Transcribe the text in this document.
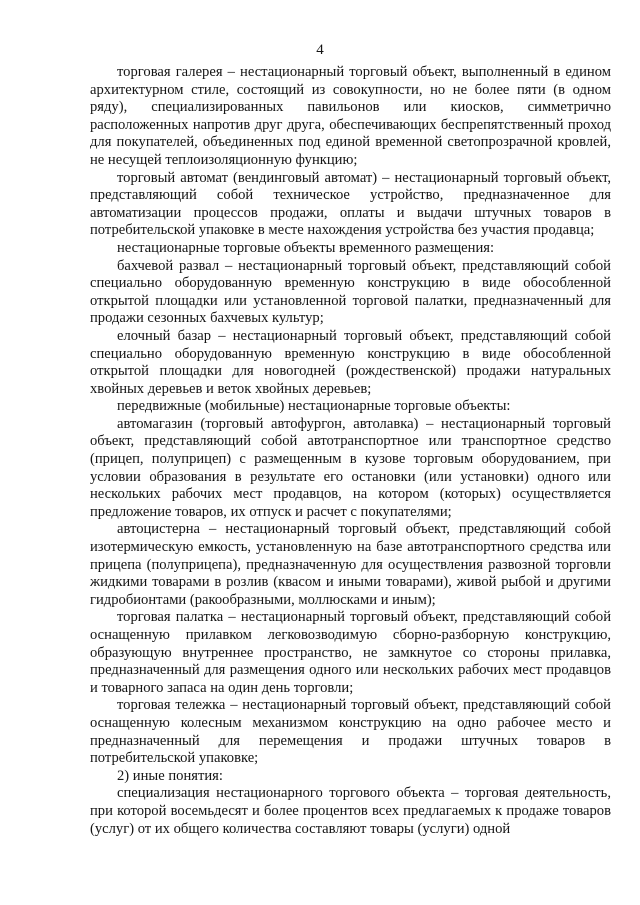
4

торговая галерея – нестационарный торговый объект, выполненный в едином архитектурном стиле, состоящий из совокупности, но не более пяти (в одном ряду), специализированных павильонов или киосков, симметрично расположенных напротив друг друга, обеспечивающих беспрепятственный проход для покупателей, объединенных под единой временной светопрозрачной кровлей, не несущей теплоизоляционную функцию;

торговый автомат (вендинговый автомат) – нестационарный торговый объект, представляющий собой техническое устройство, предназначенное для автоматизации процессов продажи, оплаты и выдачи штучных товаров в потребительской упаковке в месте нахождения устройства без участия продавца;

нестационарные торговые объекты временного размещения:

бахчевой развал – нестационарный торговый объект, представляющий собой специально оборудованную временную конструкцию в виде обособленной открытой площадки или установленной торговой палатки, предназначенный для продажи сезонных бахчевых культур;

елочный базар – нестационарный торговый объект, представляющий собой специально оборудованную временную конструкцию в виде обособленной открытой площадки для новогодней (рождественской) продажи натуральных хвойных деревьев и веток хвойных деревьев;

передвижные (мобильные) нестационарные торговые объекты:

автомагазин (торговый автофургон, автолавка) – нестационарный торговый объект, представляющий собой автотранспортное или транспортное средство (прицеп, полуприцеп) с размещенным в кузове торговым оборудованием, при условии образования в результате его остановки (или установки) одного или нескольких рабочих мест продавцов, на котором (которых) осуществляется предложение товаров, их отпуск и расчет с покупателями;

автоцистерна – нестационарный торговый объект, представляющий собой изотермическую емкость, установленную на базе автотранспортного средства или прицепа (полуприцепа), предназначенную для осуществления развозной торговли жидкими товарами в розлив (квасом и иными товарами), живой рыбой и другими гидробионтами (ракообразными, моллюсками и иным);

торговая палатка – нестационарный торговый объект, представляющий собой оснащенную прилавком легковозводимую сборно-разборную конструкцию, образующую внутреннее пространство, не замкнутое со стороны прилавка, предназначенный для размещения одного или нескольких рабочих мест продавцов и товарного запаса на один день торговли;

торговая тележка – нестационарный торговый объект, представляющий собой оснащенную колесным механизмом конструкцию на одно рабочее место и предназначенный для перемещения и продажи штучных товаров в потребительской упаковке;

2) иные понятия:

специализация нестационарного торгового объекта – торговая деятельность, при которой восемьдесят и более процентов всех предлагаемых к продаже товаров (услуг) от их общего количества составляют товары (услуги) одной
